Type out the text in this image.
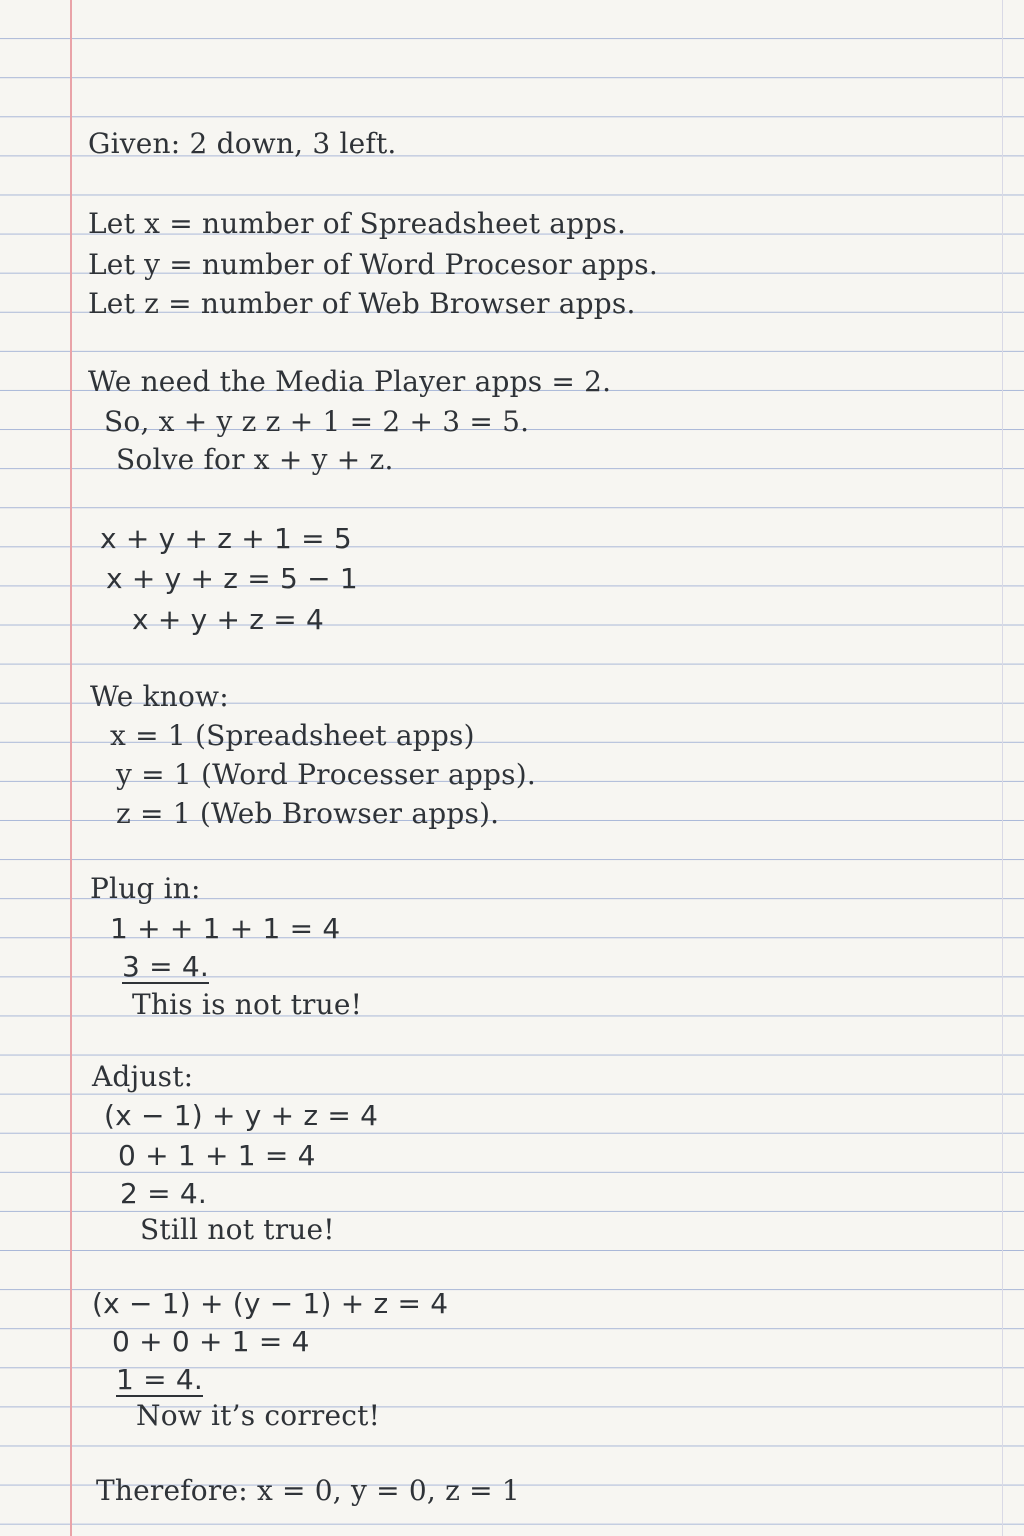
Given: 2 down, 3 left.
Let x = number of Spreadsheet apps.
Let y = number of Word Procesor apps.
Let z = number of Web Browser apps.
We need the Media Player apps = 2.
So, x + y z z + 1 = 2 + 3 = 5.
Solve for x + y + z.
x + y + z + 1 = 5
x + y + z = 5 − 1
x + y + z = 4
We know:
x = 1 (Spreadsheet apps)
y = 1 (Word Processer apps).
z = 1 (Web Browser apps).
Plug in:
1 + + 1 + 1 = 4
3 = 4.
This is not true!
Adjust:
(x − 1) + y + z = 4
0 + 1 + 1 = 4
2 = 4.
Still not true!
(x − 1) + (y − 1) + z = 4
0 + 0 + 1 = 4
1 = 4.
Now it’s correct!
Therefore: x = 0, y = 0, z = 1
